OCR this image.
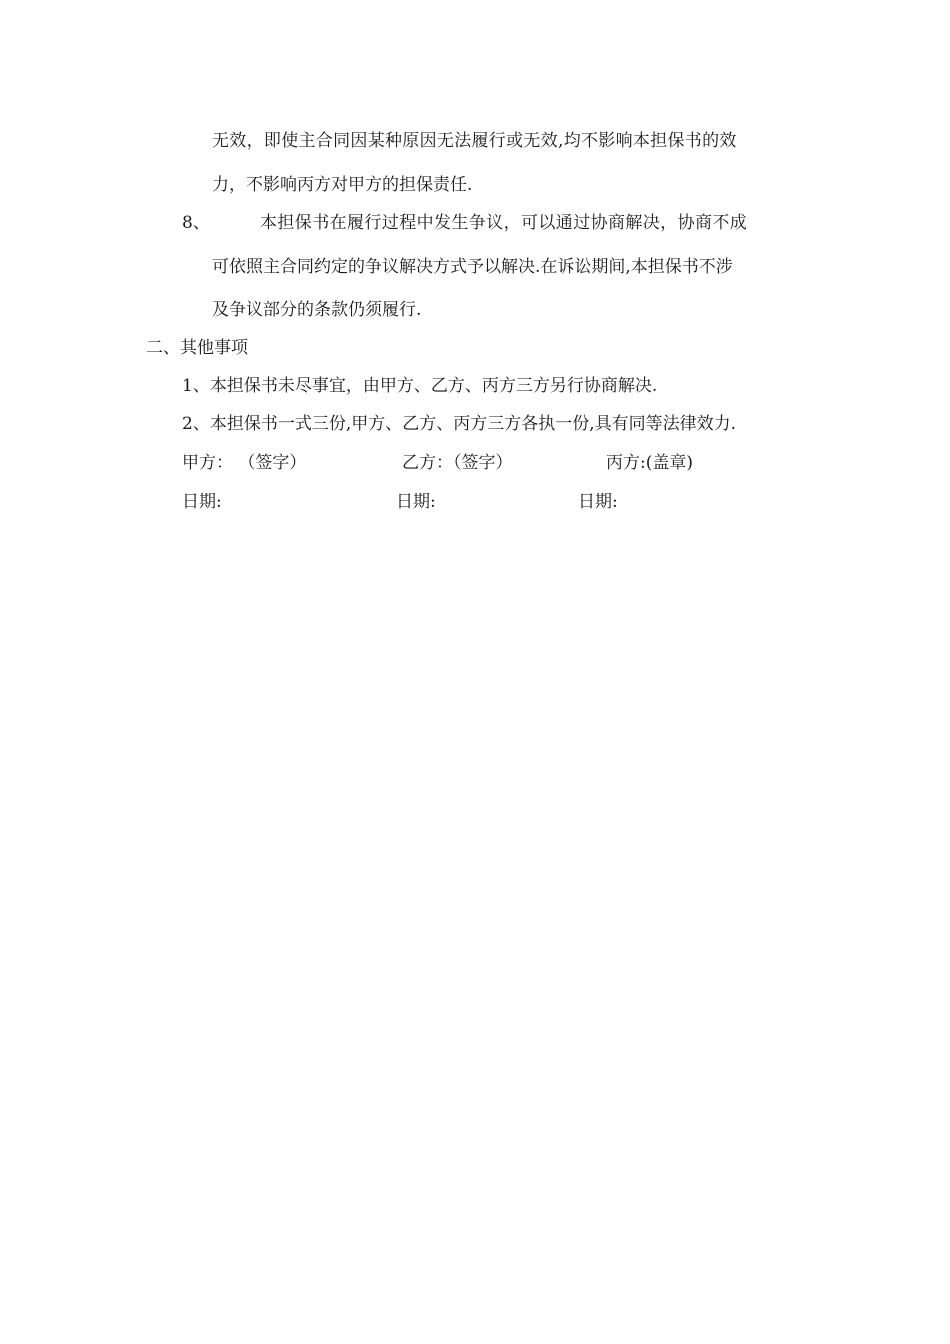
无效，即使主合同因某种原因无法履行或无效,均不影响本担保书的效
力，不影响丙方对甲方的担保责任.
8、	本担保书在履行过程中发生争议，可以通过协商解决，协商不成
可依照主合同约定的争议解决方式予以解决.在诉讼期间,本担保书不涉
及争议部分的条款仍须履行.
二、其他事项
1、本担保书未尽事宜，由甲方、乙方、丙方三方另行协商解决.
2、本担保书一式三份,甲方、乙方、丙方三方各执一份,具有同等法律效力.
甲方： （签字）	乙方：（签字）	丙方:(盖章)
日期:	日期:	日期:
